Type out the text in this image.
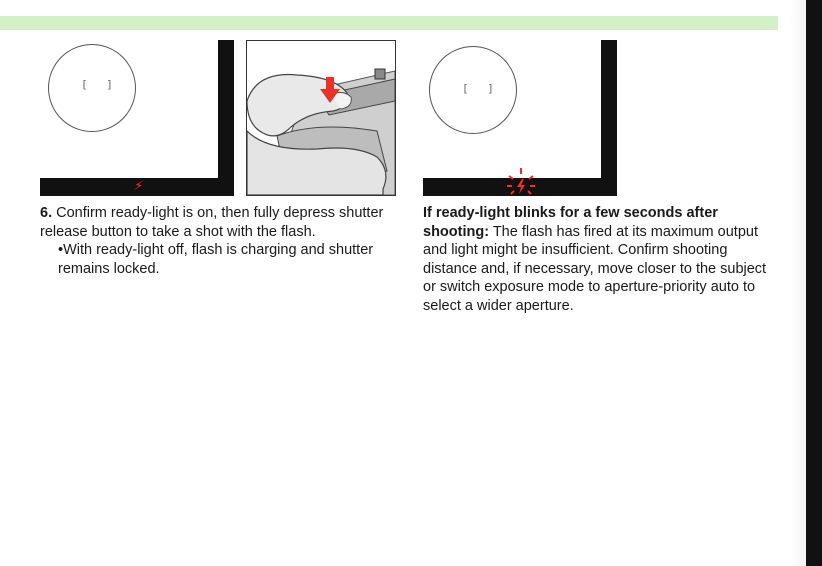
[ ]
⚡
[ ]

6. Confirm ready-light is on, then fully depress shutter release button to take a shot with the flash.

•With ready-light off, flash is charging and shutter remains locked.

If ready-light blinks for a few seconds after shooting: The flash has fired at its maximum output and light might be insufficient. Confirm shooting distance and, if necessary, move closer to the subject or switch exposure mode to aperture-priority auto to select a wider aperture.
